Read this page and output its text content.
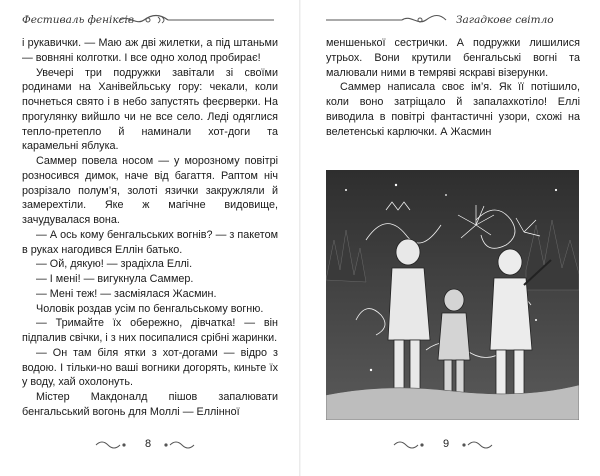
Фестиваль феніксів

і рукавички. — Маю аж дві жилетки, а під штаньми — вовняні колготки. І все одно холод пробирає!

Увечері три подружки завітали зі своїми родинами на Ханівейльську гору: чекали, коли почнеться свято і в небо запустять феєрверки. На прогулянку вийшло чи не все село. Леді одяглися тепло-претепло й наминали хот-доги та карамельні яблука.

Саммер повела носом — у морозному повітрі розносився димок, наче від багаття. Раптом ніч розрізало полум’я, золоті язички закружляли й замерехтіли. Яке ж магічне видовище, зачудувалася вона.

— А ось кому бенгальських вогнів? — з пакетом в руках нагодився Еллін батько.

— Ой, дякую! — зрадіхла Еллі.

— І мені! — вигукнула Саммер.

— Мені теж! — засміялася Жасмин.

Чоловік роздав усім по бенгальському вогню.

— Тримайте їх обережно, дівчатка! — він підпалив свічки, і з них посипалися срібні жаринки.

— Он там біля ятки з хот-догами — відро з водою. І тільки-но ваші вогники догорять, киньте їх у воду, хай охолонуть.

Містер Макдоналд пішов запалювати бенгальський вогонь для Моллі — Еллінної

8
Загадкове світло

меншенької сестрички. А подружки лишилися утрьох. Вони крутили бенгальські вогні та малювали ними в темряві яскраві візерунки.

Саммер написала своє ім’я. Як її потішило, коли воно затріщало й запалахкотіло! Еллі виводила в повітрі фантастичні узори, схожі на велетенські карлючки. А Жасмин

9
